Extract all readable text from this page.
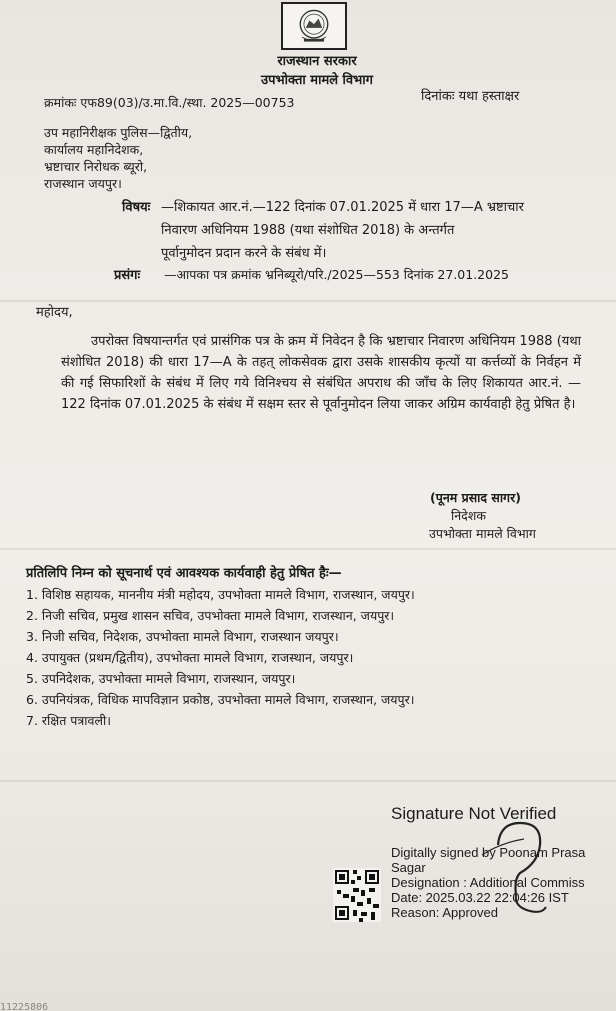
राजस्थान सरकार
उपभोक्ता मामले विभाग
क्रमांकः एफ89(03)/उ.मा.वि./स्था. 2025—00753	दिनांकः यथा हस्ताक्षर
उप महानिरीक्षक पुलिस—द्वितीय,
कार्यालय महानिदेशक,
भ्रष्टाचार निरोधक ब्यूरो,
राजस्थान जयपुर।
विषयः —शिकायत आर.नं.—122 दिनांक 07.01.2025 में धारा 17—A भ्रष्टाचार
निवारण अधिनियम 1988 (यथा संशोधित 2018) के अन्तर्गत
पूर्वानुमोदन प्रदान करने के संबंध में।
प्रसंगः —आपका पत्र क्रमांक भ्रनिब्यूरो/परि./2025—553 दिनांक 27.01.2025
महोदय,
उपरोक्त विषयान्तर्गत एवं प्रासंगिक पत्र के क्रम में निवेदन है कि भ्रष्टाचार निवारण अधिनियम 1988 (यथा संशोधित 2018) की धारा 17—A के तहत् लोकसेवक द्वारा उसके शासकीय कृत्यों या कर्त्तव्यों के निर्वहन में की गई सिफारिशों के संबंध में लिए गये विनिश्चय से संबंधित अपराध की जाँच के लिए शिकायत आर.नं. —122 दिनांक 07.01.2025 के संबंध में सक्षम स्तर से पूर्वानुमोदन लिया जाकर अग्रिम कार्यवाही हेतु प्रेषित है।
(पूनम प्रसाद सागर)
निदेशक
उपभोक्ता मामले विभाग
प्रतिलिपि निम्न को सूचनार्थ एवं आवश्यक कार्यवाही हेतु प्रेषित हैः—
1. विशिष्ठ सहायक, माननीय मंत्री महोदय, उपभोक्ता मामले विभाग, राजस्थान, जयपुर।
2. निजी सचिव, प्रमुख शासन सचिव, उपभोक्ता मामले विभाग, राजस्थान, जयपुर।
3. निजी सचिव, निदेशक, उपभोक्ता मामले विभाग, राजस्थान जयपुर।
4. उपायुक्त (प्रथम/द्वितीय), उपभोक्ता मामले विभाग, राजस्थान, जयपुर।
5. उपनिदेशक, उपभोक्ता मामले विभाग, राजस्थान, जयपुर।
6. उपनियंत्रक, विधिक मापविज्ञान प्रकोष्ठ, उपभोक्ता मामले विभाग, राजस्थान, जयपुर।
7. रक्षित पत्रावली।
Signature Not Verified
Digitally signed by Poonam Prasa
Sagar
Designation : Additional Commiss
Date: 2025.03.22 22:04:26 IST
Reason: Approved
11225806
